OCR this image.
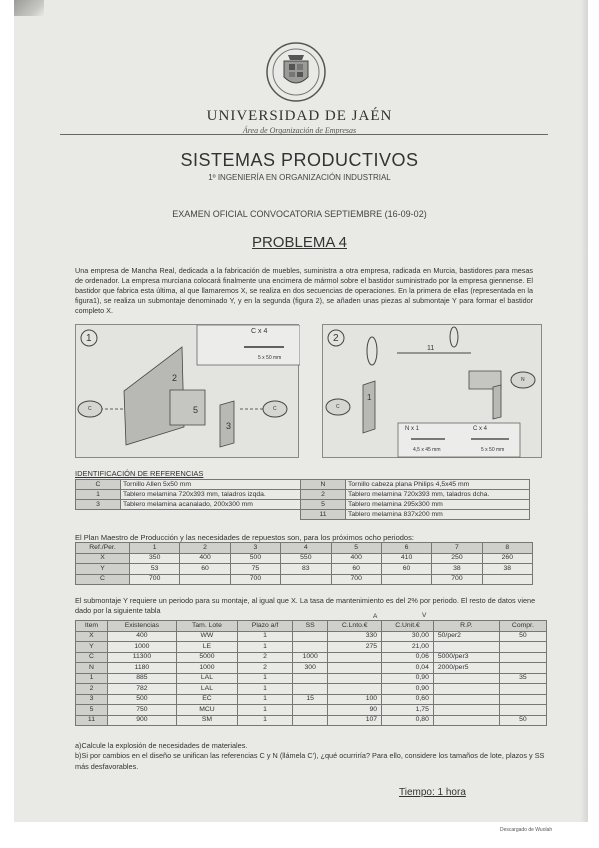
UNIVERSIDAD DE JAÉN
Área de Organización de Empresas
SISTEMAS PRODUCTIVOS
1º INGENIERÍA EN ORGANIZACIÓN INDUSTRIAL
EXAMEN OFICIAL CONVOCATORIA SEPTIEMBRE (16-09-02)
PROBLEMA 4
Una empresa de Mancha Real, dedicada a la fabricación de muebles, suministra a otra empresa, radicada en Murcia, bastidores para mesas de ordenador. La empresa murciana colocará finalmente una encimera de mármol sobre el bastidor suministrado por la empresa giennense. El bastidor que fabrica esta última, al que llamaremos X, se realiza en dos secuencias de operaciones. En la primera de ellas (representada en la figura1), se realiza un submontaje denominado Y, y en la segunda (figura 2), se añaden unas piezas al submontaje Y para formar el bastidor completo X.
1
C x 4
5 x 50 mm
2
5
3
C	C
2
11
1
N x 1	C x 4
4,5 x 45 mm	5 x 50 mm
C
N
IDENTIFICACIÓN DE REFERENCIAS
C	Tornillo Allen 5x50 mm	N	Tornillo cabeza plana Philips 4,5x45 mm
1	Tablero melamina 720x393 mm, taladros izqda.	2	Tablero melamina 720x393 mm, taladros dcha.
3	Tablero melamina acanalado, 200x300 mm	5	Tablero melamina 295x300 mm
		11	Tablero melamina 837x200 mm
El Plan Maestro de Producción y las necesidades de repuestos son, para los próximos ocho periodos:
Ref./Per.	1	2	3	4	5	6	7	8
X	350	400	500	550	400	410	250	260
Y	53	60	75	83	60	60	38	38
C	700		700		700		700	
El submontaje Y requiere un periodo para su montaje, al igual que X. La tasa de mantenimiento es del 2% por periodo. El resto de datos viene dado por la siguiente tabla
A	V
Item	Existencias	Tam. Lote	Plazo a/f	SS	C.Lnto.€	C.Unit.€	R.P.	Compr.
X	400	WW	1		330	30,00	50/per2	50
Y	1000	LE	1		275	21,00		
C	11300	5000	2	1000		0,06	5000/per3	
N	1180	1000	2	300		0,04	2000/per5	
1	885	LAL	1			0,90		35
2	782	LAL	1			0,90		
3	500	EC	1	15	100	0,60		
5	750	MCU	1		90	1,75		
11	900	SM	1		107	0,80		50
a)Calcule la explosión de necesidades de materiales.
b)Si por cambios en el diseño se unifican las referencias C y N (llámela C'), ¿qué ocurriría? Para ello, considere los tamaños de lote, plazos y SS más desfavorables.
Tiempo: 1 hora
Descargado de Wuolah
